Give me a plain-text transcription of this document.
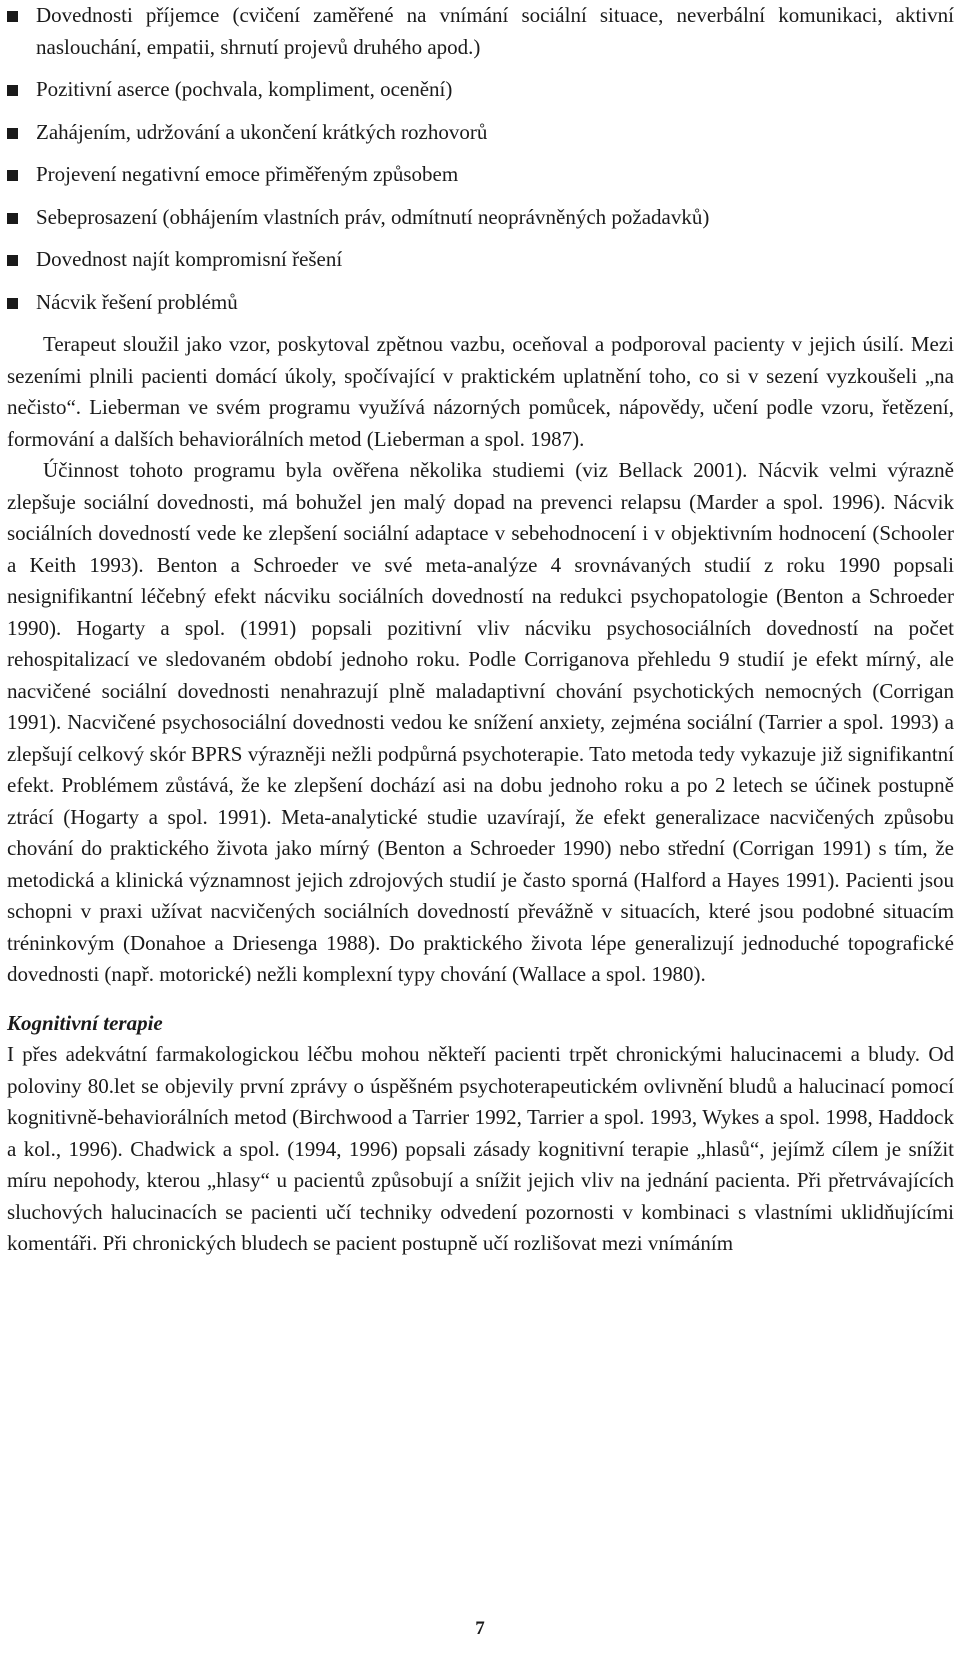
Dovednosti příjemce (cvičení zaměřené na vnímání sociální situace, neverbální komunikaci, aktivní naslouchání, empatii, shrnutí projevů druhého apod.)
Pozitivní aserce (pochvala, kompliment, ocenění)
Zahájením, udržování a ukončení krátkých rozhovorů
Projevení negativní emoce přiměřeným způsobem
Sebeprosazení (obhájením vlastních práv, odmítnutí neoprávněných požadavků)
Dovednost najít kompromisní řešení
Nácvik řešení problémů

Terapeut sloužil jako vzor, poskytoval zpětnou vazbu, oceňoval a podporoval pacienty v jejich úsilí. Mezi sezeními plnili pacienti domácí úkoly, spočívající v praktickém uplatnění toho, co si v sezení vyzkoušeli „na nečisto“. Lieberman ve svém programu využívá názorných pomůcek, nápovědy, učení podle vzoru, řetězení, formování a dalších behaviorálních metod (Lieberman a spol. 1987).

Účinnost tohoto programu byla ověřena několika studiemi (viz Bellack 2001). Nácvik velmi výrazně zlepšuje sociální dovednosti, má bohužel jen malý dopad na prevenci relapsu (Marder a spol. 1996). Nácvik sociálních dovedností vede ke zlepšení sociální adaptace v sebehodnocení i v objektivním hodnocení (Schooler a Keith 1993). Benton a Schroeder ve své meta-analýze 4 srovnávaných studií z roku 1990 popsali nesignifikantní léčebný efekt nácviku sociálních dovedností na redukci psychopatologie (Benton a Schroeder 1990). Hogarty a spol. (1991) popsali pozitivní vliv nácviku psychosociálních dovedností na počet rehospitalizací ve sledovaném období jednoho roku. Podle Corriganova přehledu 9 studií je efekt mírný, ale nacvičené sociální dovednosti nenahrazují plně maladaptivní chování psychotických nemocných (Corrigan 1991). Nacvičené psychosociální dovednosti vedou ke snížení anxiety, zejména sociální (Tarrier a spol. 1993) a zlepšují celkový skór BPRS výrazněji nežli podpůrná psychoterapie. Tato metoda tedy vykazuje již signifikantní efekt. Problémem zůstává, že ke zlepšení dochází asi na dobu jednoho roku a po 2 letech se účinek postupně ztrácí (Hogarty a spol. 1991). Meta-analytické studie uzavírají, že efekt generalizace nacvičených způsobu chování do praktického života jako mírný (Benton a Schroeder 1990) nebo střední (Corrigan 1991) s tím, že metodická a klinická významnost jejich zdrojových studií je často sporná (Halford a Hayes 1991). Pacienti jsou schopni v praxi užívat nacvičených sociálních dovedností převážně v situacích, které jsou podobné situacím tréninkovým (Donahoe a Driesenga 1988). Do praktického života lépe generalizují jednoduché topografické dovednosti (např. motorické) nežli komplexní typy chování (Wallace a spol. 1980).

Kognitivní terapie

I přes adekvátní farmakologickou léčbu mohou někteří pacienti trpět chronickými halucinacemi a bludy. Od poloviny 80.let se objevily první zprávy o úspěšném psychoterapeutickém ovlivnění bludů a halucinací pomocí kognitivně-behaviorálních metod (Birchwood a Tarrier 1992, Tarrier a spol. 1993, Wykes a spol. 1998, Haddock a kol., 1996). Chadwick a spol. (1994, 1996) popsali zásady kognitivní terapie „hlasů“, jejímž cílem je snížit míru nepohody, kterou „hlasy“ u pacientů způsobují a snížit jejich vliv na jednání pacienta. Při přetrvávajících sluchových halucinacích se pacienti učí techniky odvedení pozornosti v kombinaci s vlastními uklidňujícími komentáři. Při chronických bludech se pacient postupně učí rozlišovat mezi vnímáním

7
